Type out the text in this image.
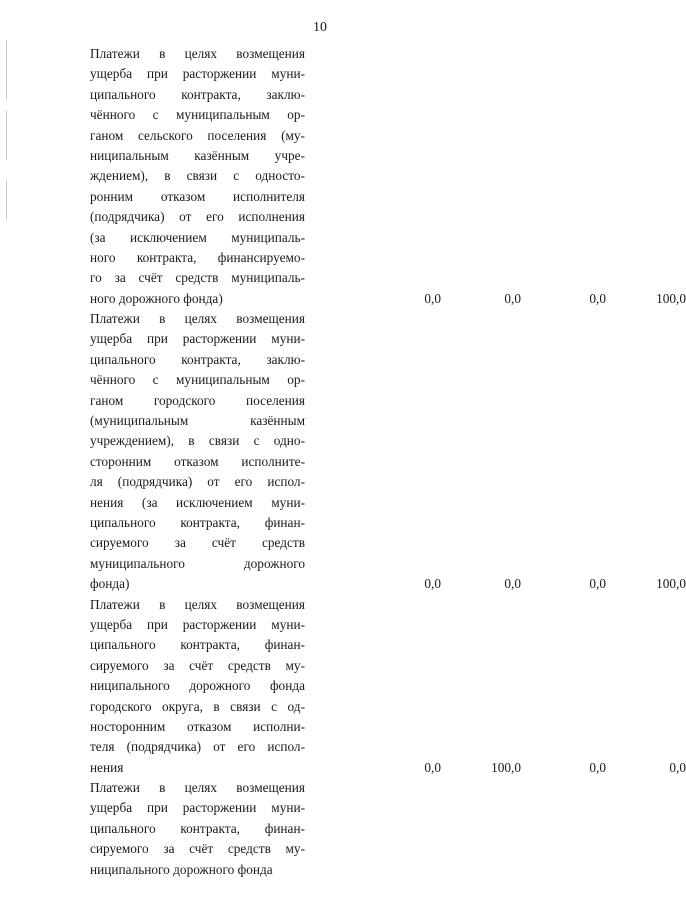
10
Платежи в целях возмещения
ущерба при расторжении муни-
ципального контракта, заклю-
чённого с муниципальным ор-
ганом сельского поселения (му-
ниципальным казённым учре-
ждением), в связи с односто-
ронним отказом исполнителя
(подрядчика) от его исполнения
(за исключением муниципаль-
ного контракта, финансируемо-
го за счёт средств муниципаль-
ного дорожного фонда)	0,0	0,0	0,0	100,0
Платежи в целях возмещения
ущерба при расторжении муни-
ципального контракта, заклю-
чённого с муниципальным ор-
ганом городского поселения
(муниципальным казённым
учреждением), в связи с одно-
сторонним отказом исполните-
ля (подрядчика) от его испол-
нения (за исключением муни-
ципального контракта, финан-
сируемого за счёт средств
муниципального дорожного
фонда)	0,0	0,0	0,0	100,0
Платежи в целях возмещения
ущерба при расторжении муни-
ципального контракта, финан-
сируемого за счёт средств му-
ниципального дорожного фонда
городского округа, в связи с од-
носторонним отказом исполни-
теля (подрядчика) от его испол-
нения	0,0	100,0	0,0	0,0
Платежи в целях возмещения
ущерба при расторжении муни-
ципального контракта, финан-
сируемого за счёт средств му-
ниципального дорожного фонда
